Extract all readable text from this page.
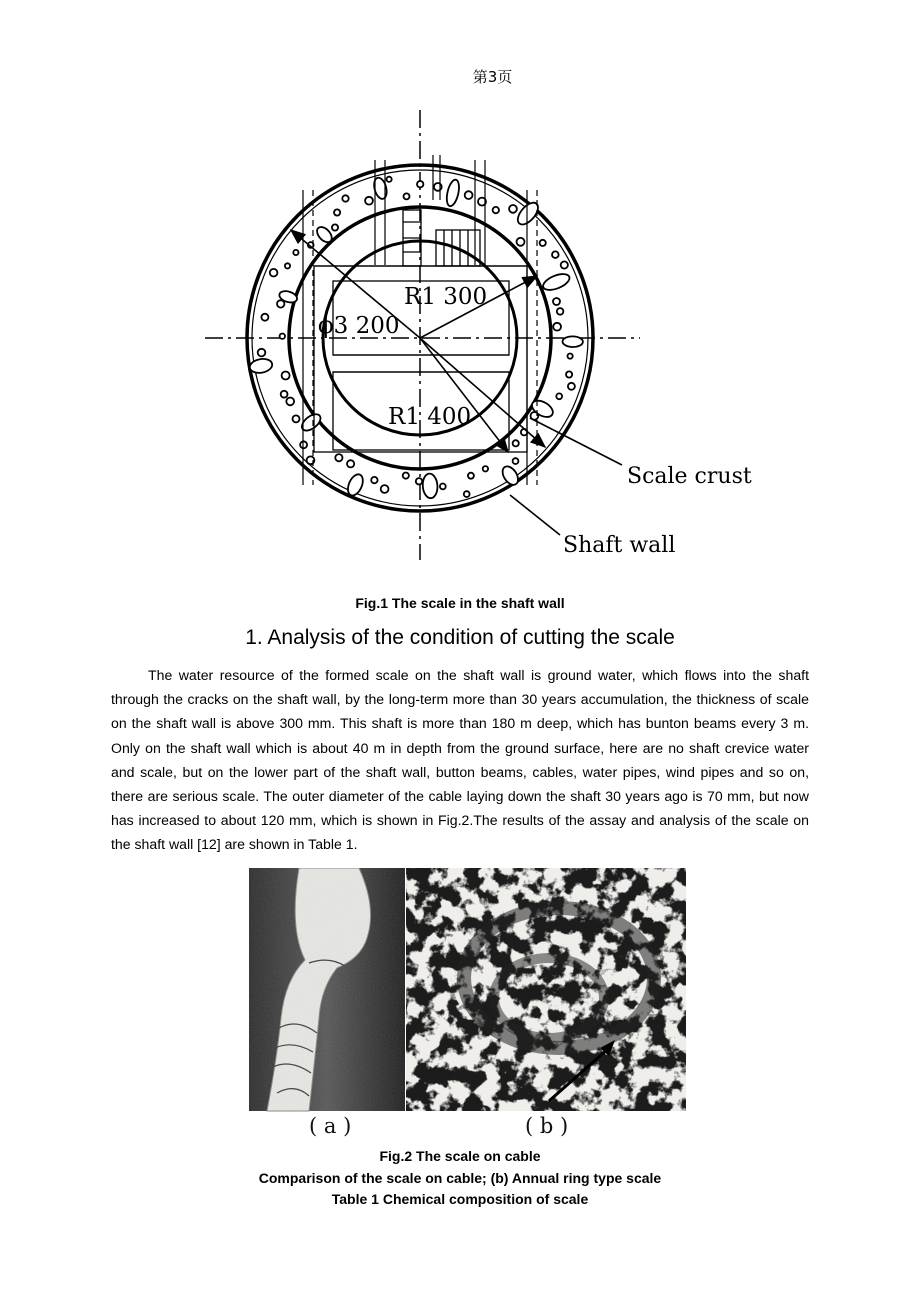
第3页
R1 300
ϕ3 200
R1 400
Scale crust
Shaft wall
Fig.1 The scale in the shaft wall
1. Analysis of the condition of cutting the scale

The water resource of the formed scale on the shaft wall is ground water, which flows into the shaft through the cracks on the shaft wall, by the long-term more than 30 years accumulation, the thickness of scale on the shaft wall is above 300 mm. This shaft is more than 180 m deep, which has bunton beams every 3 m. Only on the shaft wall which is about 40 m in depth from the ground surface, here are no shaft crevice water and scale, but on the lower part of the shaft wall, button beams, cables, water pipes, wind pipes and so on, there are serious scale. The outer diameter of the cable laying down the shaft 30 years ago is 70 mm, but now has increased to about 120 mm, which is shown in Fig.2.The results of the assay and analysis of the scale on the shaft wall [12] are shown in Table 1.

( a )	( b )
Fig.2 The scale on cable
Comparison of the scale on cable; (b) Annual ring type scale
Table 1 Chemical composition of scale
